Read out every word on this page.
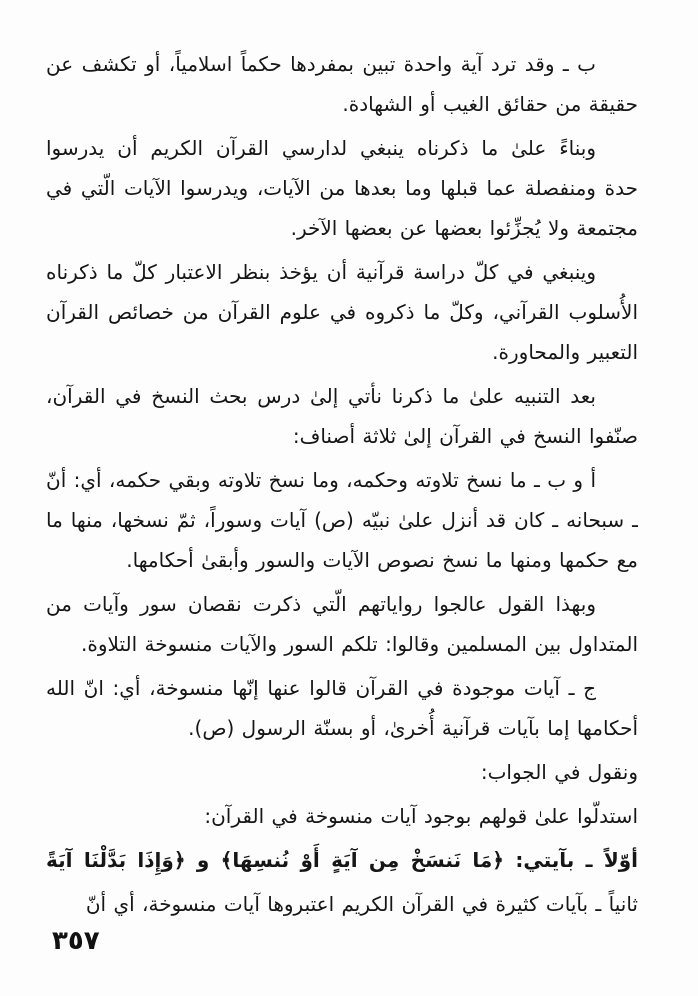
ب ـ وقد ترد آية واحدة تبين بمفردها حكماً اسلامياً، أو تكشف عن
حقيقة من حقائق الغيب أو الشهادة.
وبناءً علىٰ ما ذكرناه ينبغي لدارسي القرآن الكريم أن يدرسوا
حدة ومنفصلة عما قبلها وما بعدها من الآيات، ويدرسوا الآيات الّتي في
مجتمعة ولا يُجزِّئوا بعضها عن بعضها الآخر.
وينبغي في كلّ دراسة قرآنية أن يؤخذ بنظر الاعتبار كلّ ما ذكرناه
الأُسلوب القرآني، وكلّ ما ذكروه في علوم القرآن من خصائص القرآن
التعبير والمحاورة.
بعد التنبيه علىٰ ما ذكرنا نأتي إلىٰ درس بحث النسخ في القرآن،
صنّفوا النسخ في القرآن إلىٰ ثلاثة أصناف:
أ و ب ـ ما نسخ تلاوته وحكمه، وما نسخ تلاوته وبقي حكمه، أي: أنّ
ـ سبحانه ـ كان قد أنزل علىٰ نبيّه (ص) آيات وسوراً، ثمّ نسخها، منها ما
مع حكمها ومنها ما نسخ نصوص الآيات والسور وأبقىٰ أحكامها.
وبهذا القول عالجوا رواياتهم الّتي ذكرت نقصان سور وآيات من
المتداول بين المسلمين وقالوا: تلكم السور والآيات منسوخة التلاوة.
ج ـ آيات موجودة في القرآن قالوا عنها إنّها منسوخة، أي: انّ الله
أحكامها إما بآيات قرآنية أُخرىٰ، أو بسنّة الرسول (ص).
ونقول في الجواب:
استدلّوا علىٰ قولهم بوجود آيات منسوخة في القرآن:
أوّلاً ـ بآيتي: ﴿مَا نَنسَخْ مِن آيَةٍ أَوْ نُنسِهَا﴾ و ﴿وَإِذَا بَدَّلْنَا آيَةً
ثانياً ـ بآيات كثيرة في القرآن الكريم اعتبروها آيات منسوخة، أي أنّ
٣٥٧
